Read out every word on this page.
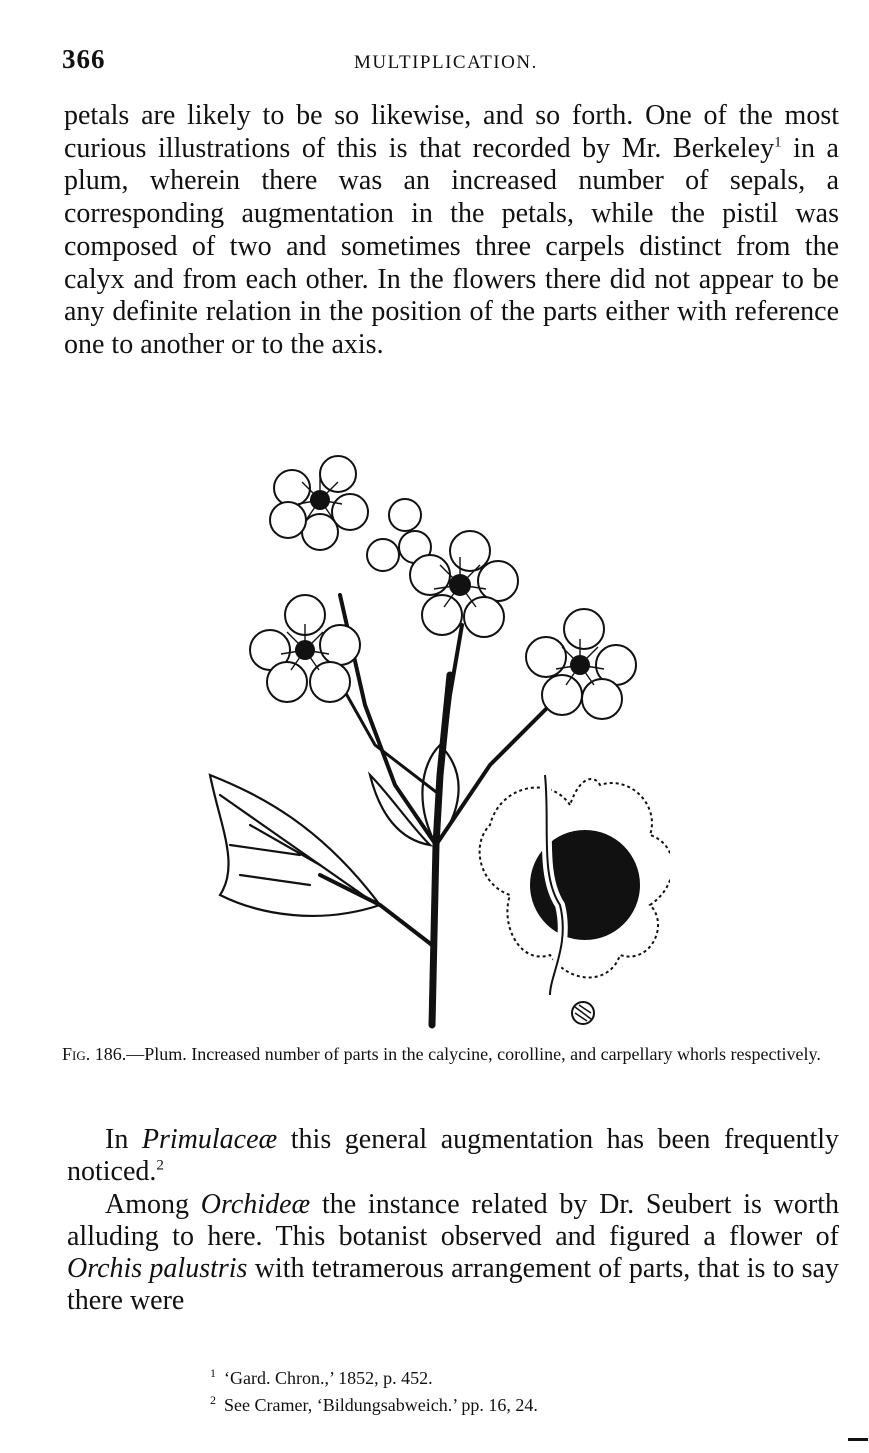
366	MULTIPLICATION.

petals are likely to be so likewise, and so forth. One of the most curious illustrations of this is that recorded by Mr. Berkeley$^1$ in a plum, wherein there was an increased number of sepals, a corresponding augmentation in the petals, while the pistil was composed of two and sometimes three carpels distinct from the calyx and from each other. In the flowers there did not appear to be any definite relation in the position of the parts either with reference one to another or to the axis.

Fig. 186.—Plum. Increased number of parts in the calycine, corolline, and carpellary whorls respectively.

In Primulaceæ this general augmentation has been frequently noticed.$^2$
Among Orchideæ the instance related by Dr. Seubert is worth alluding to here. This botanist observed and figured a flower of Orchis palustris with tetramerous arrangement of parts, that is to say there were

$^1$ ‘Gard. Chron.,’ 1852, p. 452.
$^2$ See Cramer, ‘Bildungsabweich.’ pp. 16, 24.
